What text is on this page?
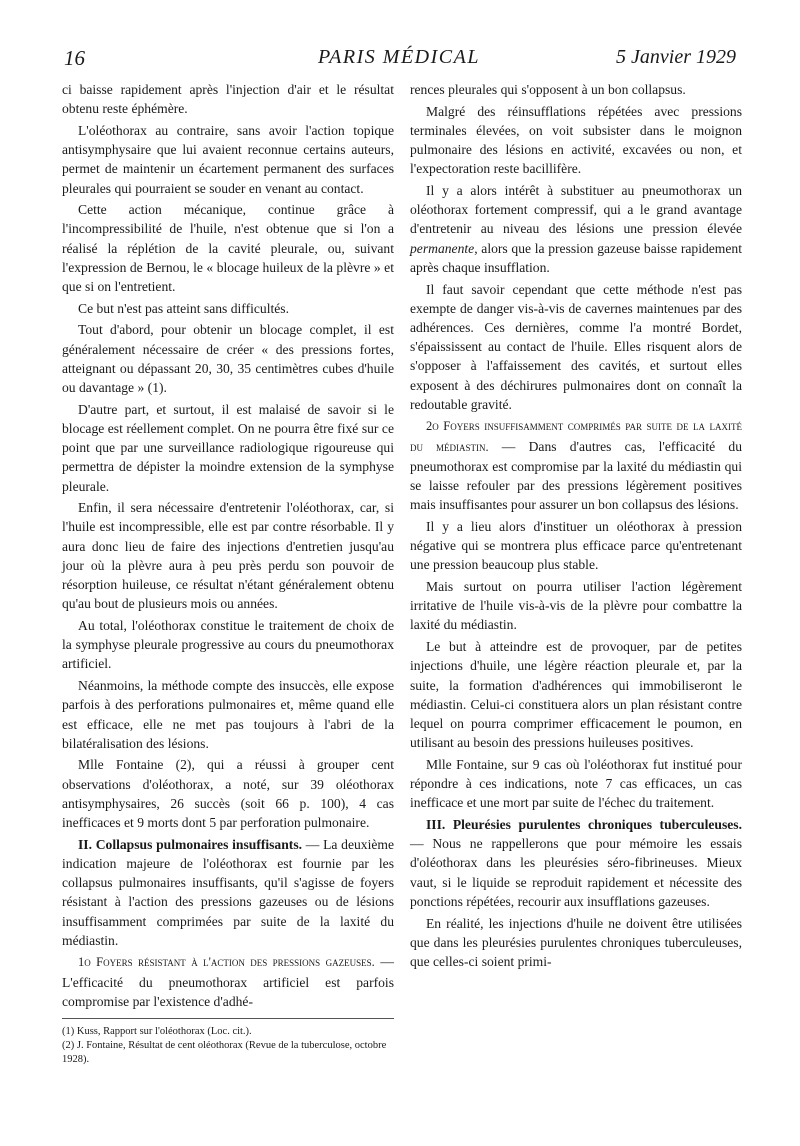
16	PARIS MÉDICAL	5 Janvier 1929

ci baisse rapidement après l'injection d'air et le résultat obtenu reste éphémère.

L'oléothorax au contraire, sans avoir l'action topique antisymphysaire que lui avaient reconnue certains auteurs, permet de maintenir un écartement permanent des surfaces pleurales qui pourraient se souder en venant au contact.

Cette action mécanique, continue grâce à l'incompressibilité de l'huile, n'est obtenue que si l'on a réalisé la réplétion de la cavité pleurale, ou, suivant l'expression de Bernou, le « blocage huileux de la plèvre » et que si on l'entretient.

Ce but n'est pas atteint sans difficultés.

Tout d'abord, pour obtenir un blocage complet, il est généralement nécessaire de créer « des pressions fortes, atteignant ou dépassant 20, 30, 35 centimètres cubes d'huile ou davantage » (1).

D'autre part, et surtout, il est malaisé de savoir si le blocage est réellement complet. On ne pourra être fixé sur ce point que par une surveillance radiologique rigoureuse qui permettra de dépister la moindre extension de la symphyse pleurale.

Enfin, il sera nécessaire d'entretenir l'oléothorax, car, si l'huile est incompressible, elle est par contre résorbable. Il y aura donc lieu de faire des injections d'entretien jusqu'au jour où la plèvre aura à peu près perdu son pouvoir de résorption huileuse, ce résultat n'étant généralement obtenu qu'au bout de plusieurs mois ou années.

Au total, l'oléothorax constitue le traitement de choix de la symphyse pleurale progressive au cours du pneumothorax artificiel.

Néanmoins, la méthode compte des insuccès, elle expose parfois à des perforations pulmonaires et, même quand elle est efficace, elle ne met pas toujours à l'abri de la bilatéralisation des lésions.

Mlle Fontaine (2), qui a réussi à grouper cent observations d'oléothorax, a noté, sur 39 oléothorax antisymphysaires, 26 succès (soit 66 p. 100), 4 cas inefficaces et 9 morts dont 5 par perforation pulmonaire.

II. Collapsus pulmonaires insuffisants. — La deuxième indication majeure de l'oléothorax est fournie par les collapsus pulmonaires insuffisants, qu'il s'agisse de foyers résistant à l'action des pressions gazeuses ou de lésions insuffisamment comprimées par suite de la laxité du médiastin.

1o Foyers résistant à l'action des pressions gazeuses. — L'efficacité du pneumothorax artificiel est parfois compromise par l'existence d'adhé-

rences pleurales qui s'opposent à un bon collapsus.

Malgré des réinsufflations répétées avec pressions terminales élevées, on voit subsister dans le moignon pulmonaire des lésions en activité, excavées ou non, et l'expectoration reste bacillifère.

Il y a alors intérêt à substituer au pneumothorax un oléothorax fortement compressif, qui a le grand avantage d'entretenir au niveau des lésions une pression élevée permanente, alors que la pression gazeuse baisse rapidement après chaque insufflation.

Il faut savoir cependant que cette méthode n'est pas exempte de danger vis-à-vis de cavernes maintenues par des adhérences. Ces dernières, comme l'a montré Bordet, s'épaississent au contact de l'huile. Elles risquent alors de s'opposer à l'affaissement des cavités, et surtout elles exposent à des déchirures pulmonaires dont on connaît la redoutable gravité.

2o Foyers insuffisamment comprimés par suite de la laxité du médiastin. — Dans d'autres cas, l'efficacité du pneumothorax est compromise par la laxité du médiastin qui se laisse refouler par des pressions légèrement positives mais insuffisantes pour assurer un bon collapsus des lésions.

Il y a lieu alors d'instituer un oléothorax à pression négative qui se montrera plus efficace parce qu'entretenant une pression beaucoup plus stable.

Mais surtout on pourra utiliser l'action légèrement irritative de l'huile vis-à-vis de la plèvre pour combattre la laxité du médiastin.

Le but à atteindre est de provoquer, par de petites injections d'huile, une légère réaction pleurale et, par la suite, la formation d'adhérences qui immobiliseront le médiastin. Celui-ci constituera alors un plan résistant contre lequel on pourra comprimer efficacement le poumon, en utilisant au besoin des pressions huileuses positives.

Mlle Fontaine, sur 9 cas où l'oléothorax fut institué pour répondre à ces indications, note 7 cas efficaces, un cas inefficace et une mort par suite de l'échec du traitement.

III. Pleurésies purulentes chroniques tuberculeuses. — Nous ne rappellerons que pour mémoire les essais d'oléothorax dans les pleurésies séro-fibrineuses. Mieux vaut, si le liquide se reproduit rapidement et nécessite des ponctions répétées, recourir aux insufflations gazeuses.

En réalité, les injections d'huile ne doivent être utilisées que dans les pleurésies purulentes chroniques tuberculeuses, que celles-ci soient primi-

(1) Kuss, Rapport sur l'oléothorax (Loc. cit.).
(2) J. Fontaine, Résultat de cent oléothorax (Revue de la tuberculose, octobre 1928).
